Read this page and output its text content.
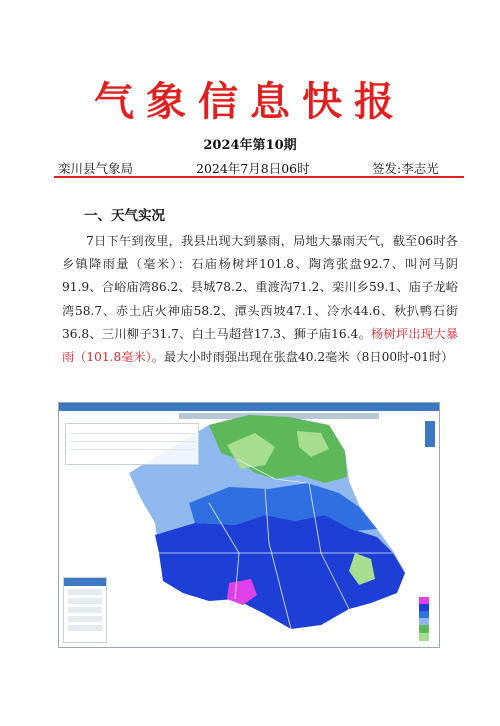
气象信息快报
2024年第10期
栾川县气象局	2024年7月8日06时	签发:李志光
一、天气实况
7日下午到夜里，我县出现大到暴雨，局地大暴雨天气，截至06时各乡镇降雨量（毫米）：石庙杨树坪101.8、陶湾张盘92.7、叫河马阴91.9、合峪庙湾86.2、县城78.2、重渡沟71.2、栾川乡59.1、庙子龙峪湾58.7、赤土店火神庙58.2、潭头西坡47.1、冷水44.6、秋扒鸭石街36.8、三川柳子31.7、白土马超营17.3、狮子庙16.4。杨树坪出现大暴雨（101.8毫米）。最大小时雨强出现在张盘40.2毫米（8日00时-01时）
